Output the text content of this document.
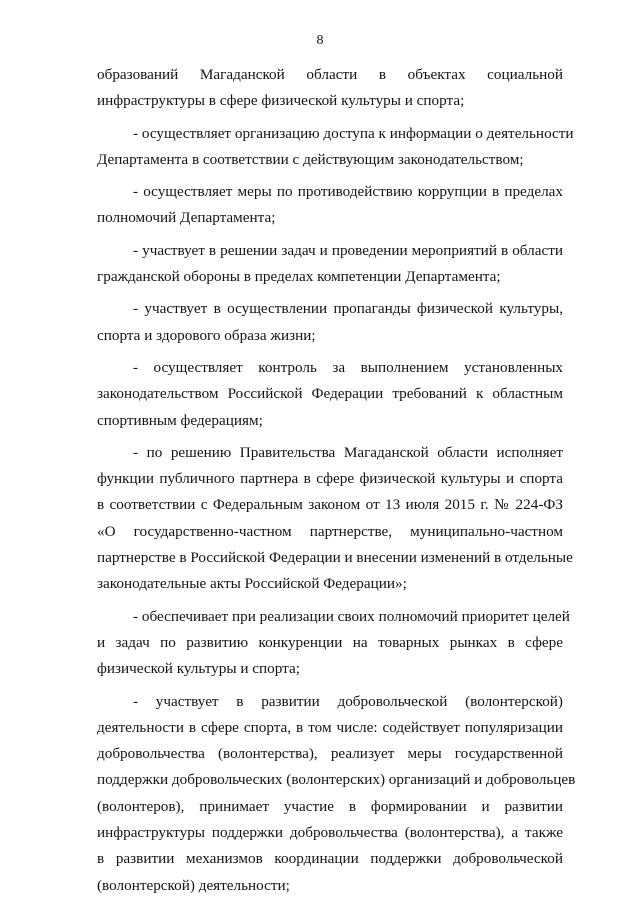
8
образований Магаданской области в объектах социальной
инфраструктуры в сфере физической культуры и спорта;
- осуществляет организацию доступа к информации о деятельности
Департамента в соответствии с действующим законодательством;
- осуществляет меры по противодействию коррупции в пределах
полномочий Департамента;
- участвует в решении задач и проведении мероприятий в области
гражданской обороны в пределах компетенции Департамента;
- участвует в осуществлении пропаганды физической культуры,
спорта и здорового образа жизни;
- осуществляет контроль за выполнением установленных
законодательством Российской Федерации требований к областным
спортивным федерациям;
- по решению Правительства Магаданской области исполняет
функции публичного партнера в сфере физической культуры и спорта
в соответствии с Федеральным законом от 13 июля 2015 г. № 224-ФЗ
«О государственно-частном партнерстве, муниципально-частном
партнерстве в Российской Федерации и внесении изменений в отдельные
законодательные акты Российской Федерации»;
- обеспечивает при реализации своих полномочий приоритет целей
и задач по развитию конкуренции на товарных рынках в сфере
физической культуры и спорта;
- участвует в развитии добровольческой (волонтерской)
деятельности в сфере спорта, в том числе: содействует популяризации
добровольчества (волонтерства), реализует меры государственной
поддержки добровольческих (волонтерских) организаций и добровольцев
(волонтеров), принимает участие в формировании и развитии
инфраструктуры поддержки добровольчества (волонтерства), а также
в развитии механизмов координации поддержки добровольческой
(волонтерской) деятельности;
